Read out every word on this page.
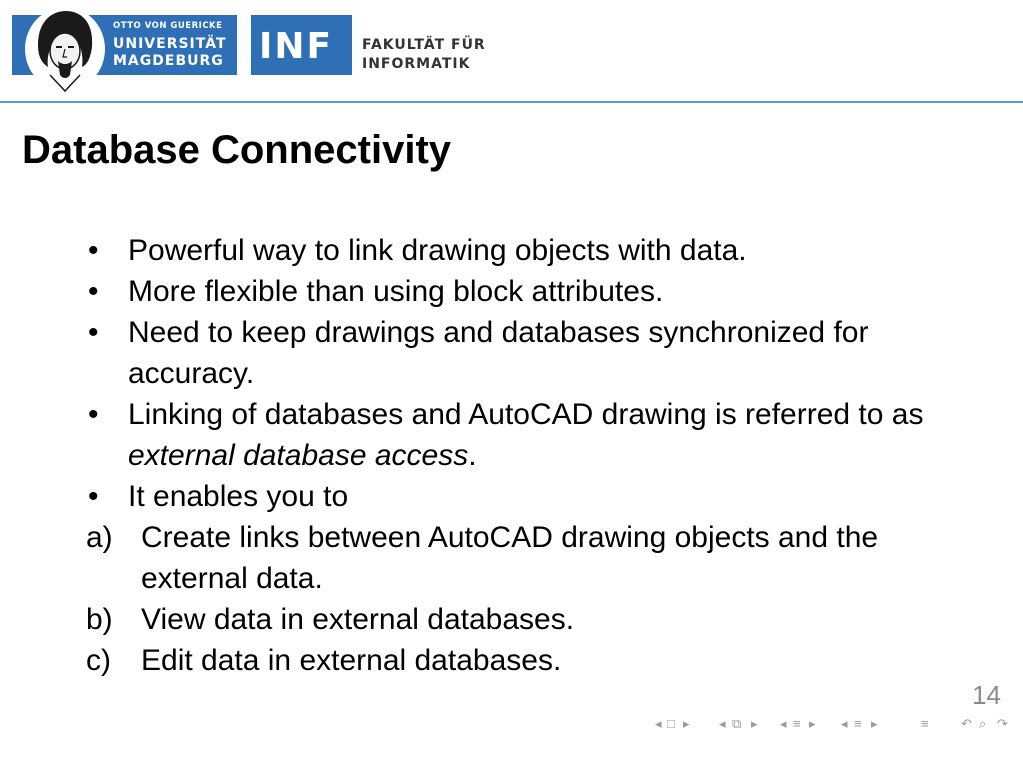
OTTO VON GUERICKE
UNIVERSITÄT
MAGDEBURG INF FAKULTÄT FÜR
INFORMATIK
Database Connectivity
• Powerful way to link drawing objects with data.
• More flexible than using block attributes.
• Need to keep drawings and databases synchronized for accuracy.
• Linking of databases and AutoCAD drawing is referred to as external database access.
• It enables you to
a) Create links between AutoCAD drawing objects and the external data.
b) View data in external databases.
c) Edit data in external databases.
14
◂ □ ▸ ◂ ⧉ ▸ ◂ ≡ ▸ ◂ ≡ ▸	≡ ↶ ⌕ ↷
